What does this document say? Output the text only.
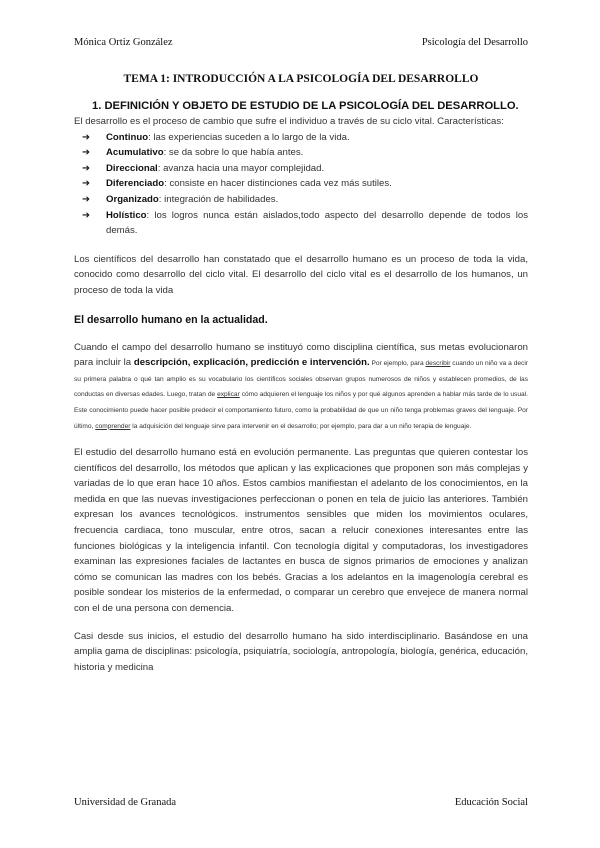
Mónica Ortiz González	Psicología del Desarrollo
TEMA 1: INTRODUCCIÓN A LA PSICOLOGÍA DEL DESARROLLO
1. DEFINICIÓN Y OBJETO DE ESTUDIO DE LA PSICOLOGÍA DEL DESARROLLO.

El desarrollo es el proceso de cambio que sufre el individuo a través de su ciclo vital. Características:

➔ Continuo: las experiencias suceden a lo largo de la vida.
➔ Acumulativo: se da sobre lo que había antes.
➔ Direccional: avanza hacia una mayor complejidad.
➔ Diferenciado: consiste en hacer distinciones cada vez más sutiles.
➔ Organizado: integración de habilidades.
➔ Holístico: los logros nunca están aislados,todo aspecto del desarrollo depende de todos los demás.

Los científicos del desarrollo han constatado que el desarrollo humano es un proceso de toda la vida, conocido como desarrollo del ciclo vital. El desarrollo del ciclo vital es el desarrollo de los humanos, un proceso de toda la vida

El desarrollo humano en la actualidad.

Cuando el campo del desarrollo humano se instituyó como disciplina científica, sus metas evolucionaron para incluir la descripción, explicación, predicción e intervención. Por ejemplo, para describir cuando un niño va a decir su primera palabra o qué tan amplio es su vocabulario los científicos sociales observan grupos numerosos de niños y establecen promedios, de las conductas en diversas edades. Luego, tratan de explicar cómo adquieren el lenguaje los niños y por qué algunos aprenden a hablar más tarde de lo usual. Este conocimiento puede hacer posible predecir el comportamiento futuro, como la probabilidad de que un niño tenga problemas graves del lenguaje. Por último, comprender la adquisición del lenguaje sirve para intervenir en el desarrollo; por ejemplo, para dar a un niño terapia de lenguaje.

El estudio del desarrollo humano está en evolución permanente. Las preguntas que quieren contestar los científicos del desarrollo, los métodos que aplican y las explicaciones que proponen son más complejas y variadas de lo que eran hace 10 años. Estos cambios manifiestan el adelanto de los conocimientos, en la medida en que las nuevas investigaciones perfeccionan o ponen en tela de juicio las anteriores. También expresan los avances tecnológicos. instrumentos sensibles que miden los movimientos oculares, frecuencia cardiaca, tono muscular, entre otros, sacan a relucir conexiones interesantes entre las funciones biológicas y la inteligencia infantil. Con tecnología digital y computadoras, los investigadores examinan las expresiones faciales de lactantes en busca de signos primarios de emociones y analizan cómo se comunican las madres con los bebés. Gracias a los adelantos en la imagenología cerebral es posible sondear los misterios de la enfermedad, o comparar un cerebro que envejece de manera normal con el de una persona con demencia.

Casi desde sus inicios, el estudio del desarrollo humano ha sido interdisciplinario. Basándose en una amplia gama de disciplinas: psicología, psiquiatría, sociología, antropología, biología, genérica, educación, historia y medicina

Universidad de Granada	Educación Social
